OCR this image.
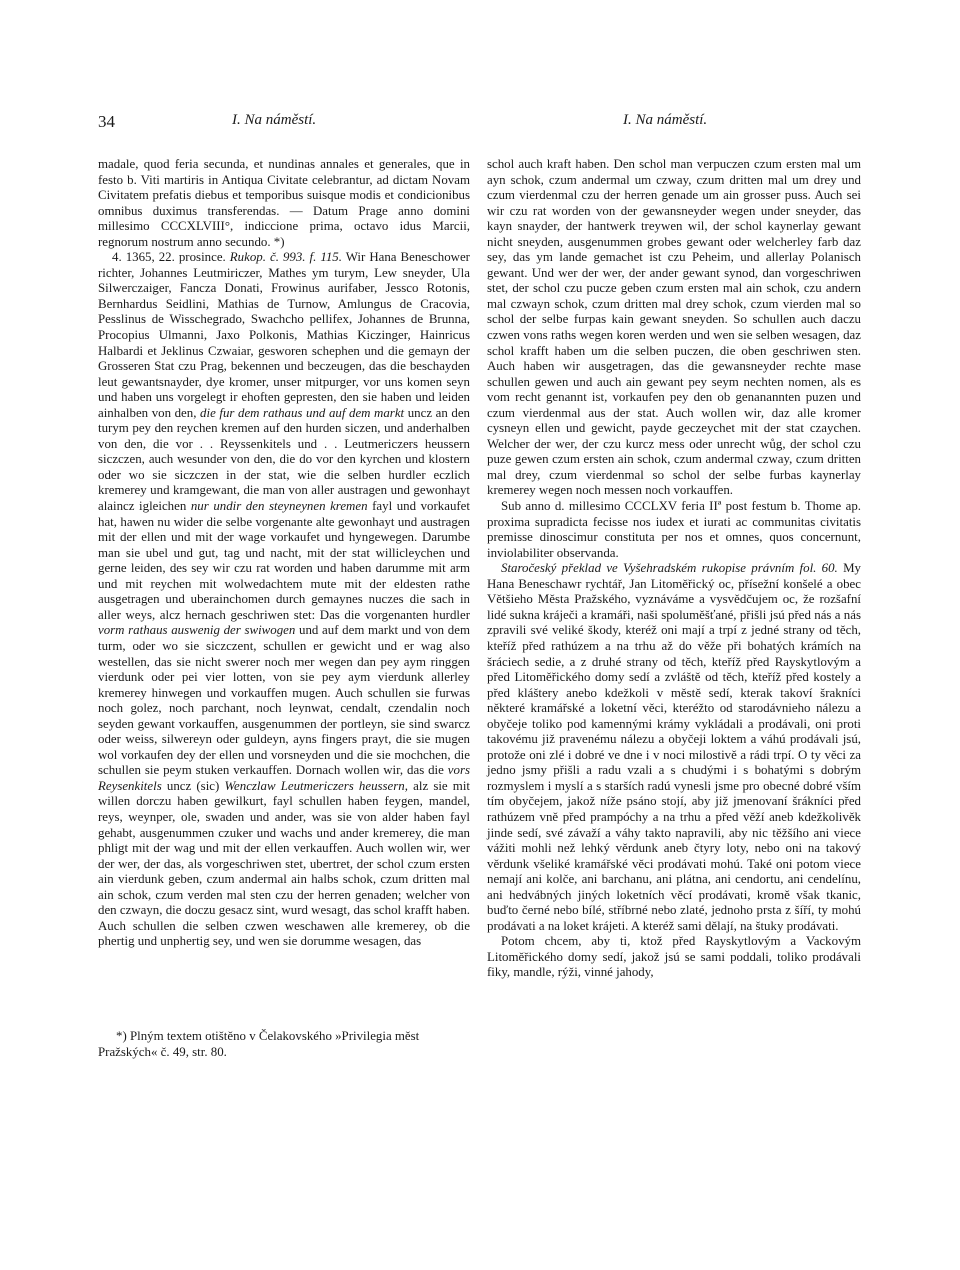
34	I. Na náměstí.	I. Na náměstí.

madale, quod feria secunda, et nundinas annales et generales, que in festo b. Viti martiris in Antiqua Civitate celebrantur, ad dictam Novam Civitatem prefatis diebus et temporibus suisque modis et condicionibus omnibus duximus transferendas. — Datum Prage anno domini millesimo CCCXLVIII°, indiccione prima, octavo idus Marcii, regnorum nostrum anno secundo. *)

4. 1365, 22. prosince. Rukop. č. 993. f. 115. Wir Hana Beneschower richter, Johannes Leutmiriczer, Mathes ym turym, Lew sneyder, Ula Silwerczaiger, Fancza Donati, Frowinus aurifaber, Jessco Rotonis, Bernhardus Seidlini, Mathias de Turnow, Amlungus de Cracovia, Pesslinus de Wisschegrado, Swachcho pellifex, Johannes de Brunna, Procopius Ulmanni, Jaxo Polkonis, Mathias Kiczinger, Hainricus Halbardi et Jeklinus Czwaiar, gesworen schephen und die gemayn der Grosseren Stat czu Prag, bekennen und beczeugen, das die beschayden leut gewantsnayder, dye kromer, unser mitpurger, vor uns komen seyn und haben uns vorgelegt ir ehoften gepresten, den sie haben und leiden ainhalben von den, die fur dem rathaus und auf dem markt uncz an den turym pey den reychen kremen auf den hurden siczen, und anderhalben von den, die vor . . Reyssenkitels und . . Leutmericzers heussern siczczen, auch wesunder von den, die do vor den kyrchen und klostern oder wo sie siczczen in der stat, wie die selben hurdler eczlich kremerey und kramgewant, die man von aller austragen und gewonhayt alaincz igleichen nur undir den steyneynen kremen fayl und vorkaufet hat, hawen nu wider die selbe vorgenante alte gewonhayt und austragen mit der ellen und mit der wage vorkaufet und hyngewegen. Darumbe man sie ubel und gut, tag und nacht, mit der stat willicleychen und gerne leiden, des sey wir czu rat worden und haben darumme mit arm und mit reychen mit wolwedachtem mute mit der eldesten rathe ausgetragen und uberainchomen durch gemaynes nuczes die sach in aller weys, alcz hernach geschriwen stet: Das die vorgenanten hurdler vorm rathaus auswenig der swiwogen und auf dem markt und von dem turm, oder wo sie siczczent, schullen er gewicht und er wag also westellen, das sie nicht swerer noch mer wegen dan pey aym ringgen vierdunk oder pei vier lotten, von sie pey aym vierdunk allerley kremerey hinwegen und vorkauffen mugen. Auch schullen sie furwas noch golez, noch parchant, noch leynwat, cendalt, czendalin noch seyden gewant vorkauffen, ausgenummen der portleyn, sie sind swarcz oder weiss, silwereyn oder guldeyn, ayns fingers prayt, die sie mugen wol vorkaufen dey der ellen und vorsneyden und die sie mochchen, die schullen sie peym stuken verkauffen. Dornach wollen wir, das die vors Reysenkitels uncz (sic) Wenczlaw Leutmericzers heussern, alz sie mit willen dorczu haben gewilkurt, fayl schullen haben feygen, mandel, reys, weynper, ole, swaden und ander, was sie von alder haben fayl gehabt, ausgenummen czuker und wachs und ander kremerey, die man phligt mit der wag und mit der ellen verkauffen. Auch wollen wir, wer der wer, der das, als vorgeschriwen stet, ubertret, der schol czum ersten ain vierdunk geben, czum andermal ain halbs schok, czum dritten mal ain schok, czum verden mal sten czu der herren genaden; welcher von den czwayn, die doczu gesacz sint, wurd wesagt, das schol krafft haben. Auch schullen die selben czwen weschawen alle kremerey, ob die phertig und unphertig sey, und wen sie dorumme wesagen, das

*) Plným textem otištěno v Čelakovského »Privilegia měst Pražských« č. 49, str. 80.

schol auch kraft haben. Den schol man verpuczen czum ersten mal um ayn schok, czum andermal um czway, czum dritten mal um drey und czum vierdenmal czu der herren genade um ain grosser puss. Auch sei wir czu rat worden von der gewansneyder wegen under sneyder, das kayn snayder, der hantwerk treywen wil, der schol kaynerlay gewant nicht sneyden, ausgenummen grobes gewant oder welcherley farb daz sey, das ym lande gemachet ist czu Peheim, und allerlay Polanisch gewant. Und wer der wer, der ander gewant synod, dan vorgeschriwen stet, der schol czu pucze geben czum ersten mal ain schok, czu andern mal czwayn schok, czum dritten mal drey schok, czum vierden mal so schol der selbe furpas kain gewant sneyden. So schullen auch daczu czwen vons raths wegen koren werden und wen sie selben wesagen, daz schol krafft haben um die selben puczen, die oben geschriwen sten. Auch haben wir ausgetragen, das die gewansneyder rechte mase schullen gewen und auch ain gewant pey seym nechten nomen, als es vom recht genannt ist, vorkaufen pey den ob genanannten puzen und czum vierdenmal aus der stat. Auch wollen wir, daz alle kromer cysneyn ellen und gewicht, payde geczeychet mit der stat czaychen. Welcher der wer, der czu kurcz mess oder unrecht wůg, der schol czu puze gewen czum ersten ain schok, czum andermal czway, czum dritten mal drey, czum vierdenmal so schol der selbe furbas kaynerlay kremerey wegen noch messen noch vorkauffen.

Sub anno d. millesimo CCCLXV feria IIª post festum b. Thome ap. proxima supradicta fecisse nos iudex et iurati ac communitas civitatis premisse dinoscimur constituta per nos et omnes, quos concernunt, inviolabiliter observanda.

Staročeský překlad ve Vyšehradském rukopise právním fol. 60. My Hana Beneschawr rychtář, Jan Litoměřický oc, přísežní konšelé a obec Většieho Města Pražského, vyznáváme a vysvědčujem oc, že rozšafní lidé sukna kráječi a kramáři, naši spoluměšťané, přišli jsú před nás a nás zpravili své veliké škody, kteréž oni mají a trpí z jedné strany od těch, kteříž před rathúzem a na trhu až do věže při bohatých krámích na šráciech sedie, a z druhé strany od těch, kteříž před Rayskytlovým a před Litoměřického domy sedí a zvláště od těch, kteříž před kostely a před kláštery anebo kdežkoli v městě sedí, kterak takoví šrakníci některé kramářské a loketní věci, kteréžto od starodávnieho nálezu a obyčeje toliko pod kamennými krámy vykládali a prodávali, oni proti takovému již pravenému nálezu a obyčeji loktem a váhú prodávali jsú, protože oni zlé i dobré ve dne i v noci milostivě a rádi trpí. O ty věci za jedno jsmy přišli a radu vzali a s chudými i s bohatými s dobrým rozmyslem i myslí a s starších radú vynesli jsme pro obecné dobré vším tím obyčejem, jakož níže psáno stojí, aby již jmenovaní šrákníci před rathúzem vně před prampóchy a na trhu a před věží aneb kdežkolivěk jinde sedí, své závaží a váhy takto napravili, aby nic těžšího ani viece vážiti mohli než lehký věrdunk aneb čtyry loty, nebo oni na takový věrdunk všeliké kramářské věci prodávati mohú. Také oni potom viece nemají ani kolče, ani barchanu, ani plátna, ani cendortu, ani cendelínu, ani hedvábných jiných loketních věcí prodávati, kromě však tkanic, buďto černé nebo bílé, stříbrné nebo zlaté, jednoho prsta z šíří, ty mohú prodávati a na loket krájeti. A kteréž sami dělají, na štuky prodávati.

Potom chcem, aby ti, ktož před Rayskytlovým a Vackovým Litoměřického domy sedí, jakož jsú se sami poddali, toliko prodávali fiky, mandle, rýži, vinné jahody,
